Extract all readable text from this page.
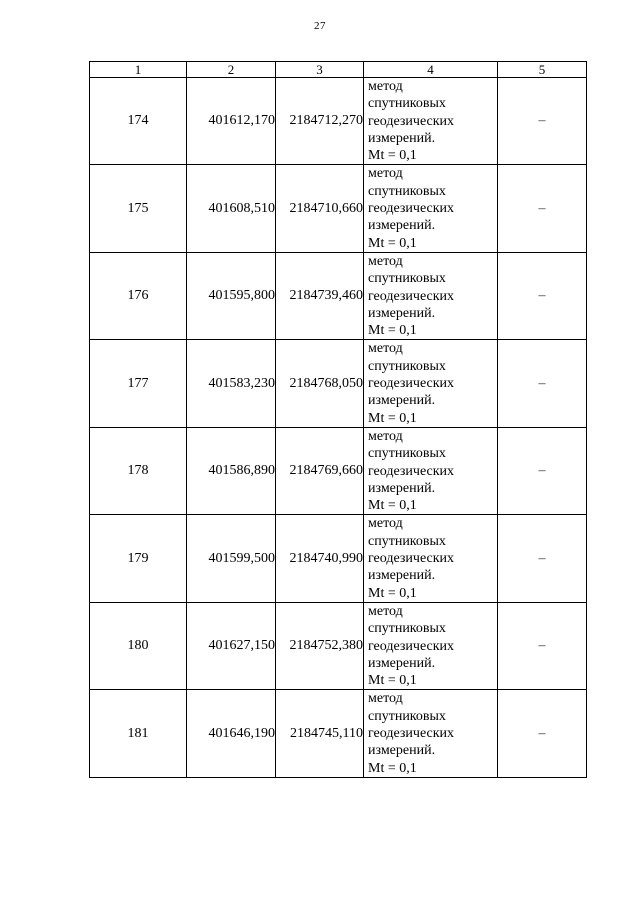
27
1	2	3	4	5
174	401612,170	2184712,270	метод
спутниковых
геодезических
измерений.
Mt = 0,1	–
175	401608,510	2184710,660	метод
спутниковых
геодезических
измерений.
Mt = 0,1	–
176	401595,800	2184739,460	метод
спутниковых
геодезических
измерений.
Mt = 0,1	–
177	401583,230	2184768,050	метод
спутниковых
геодезических
измерений.
Mt = 0,1	–
178	401586,890	2184769,660	метод
спутниковых
геодезических
измерений.
Mt = 0,1	–
179	401599,500	2184740,990	метод
спутниковых
геодезических
измерений.
Mt = 0,1	–
180	401627,150	2184752,380	метод
спутниковых
геодезических
измерений.
Mt = 0,1	–
181	401646,190	2184745,110	метод
спутниковых
геодезических
измерений.
Mt = 0,1	–
